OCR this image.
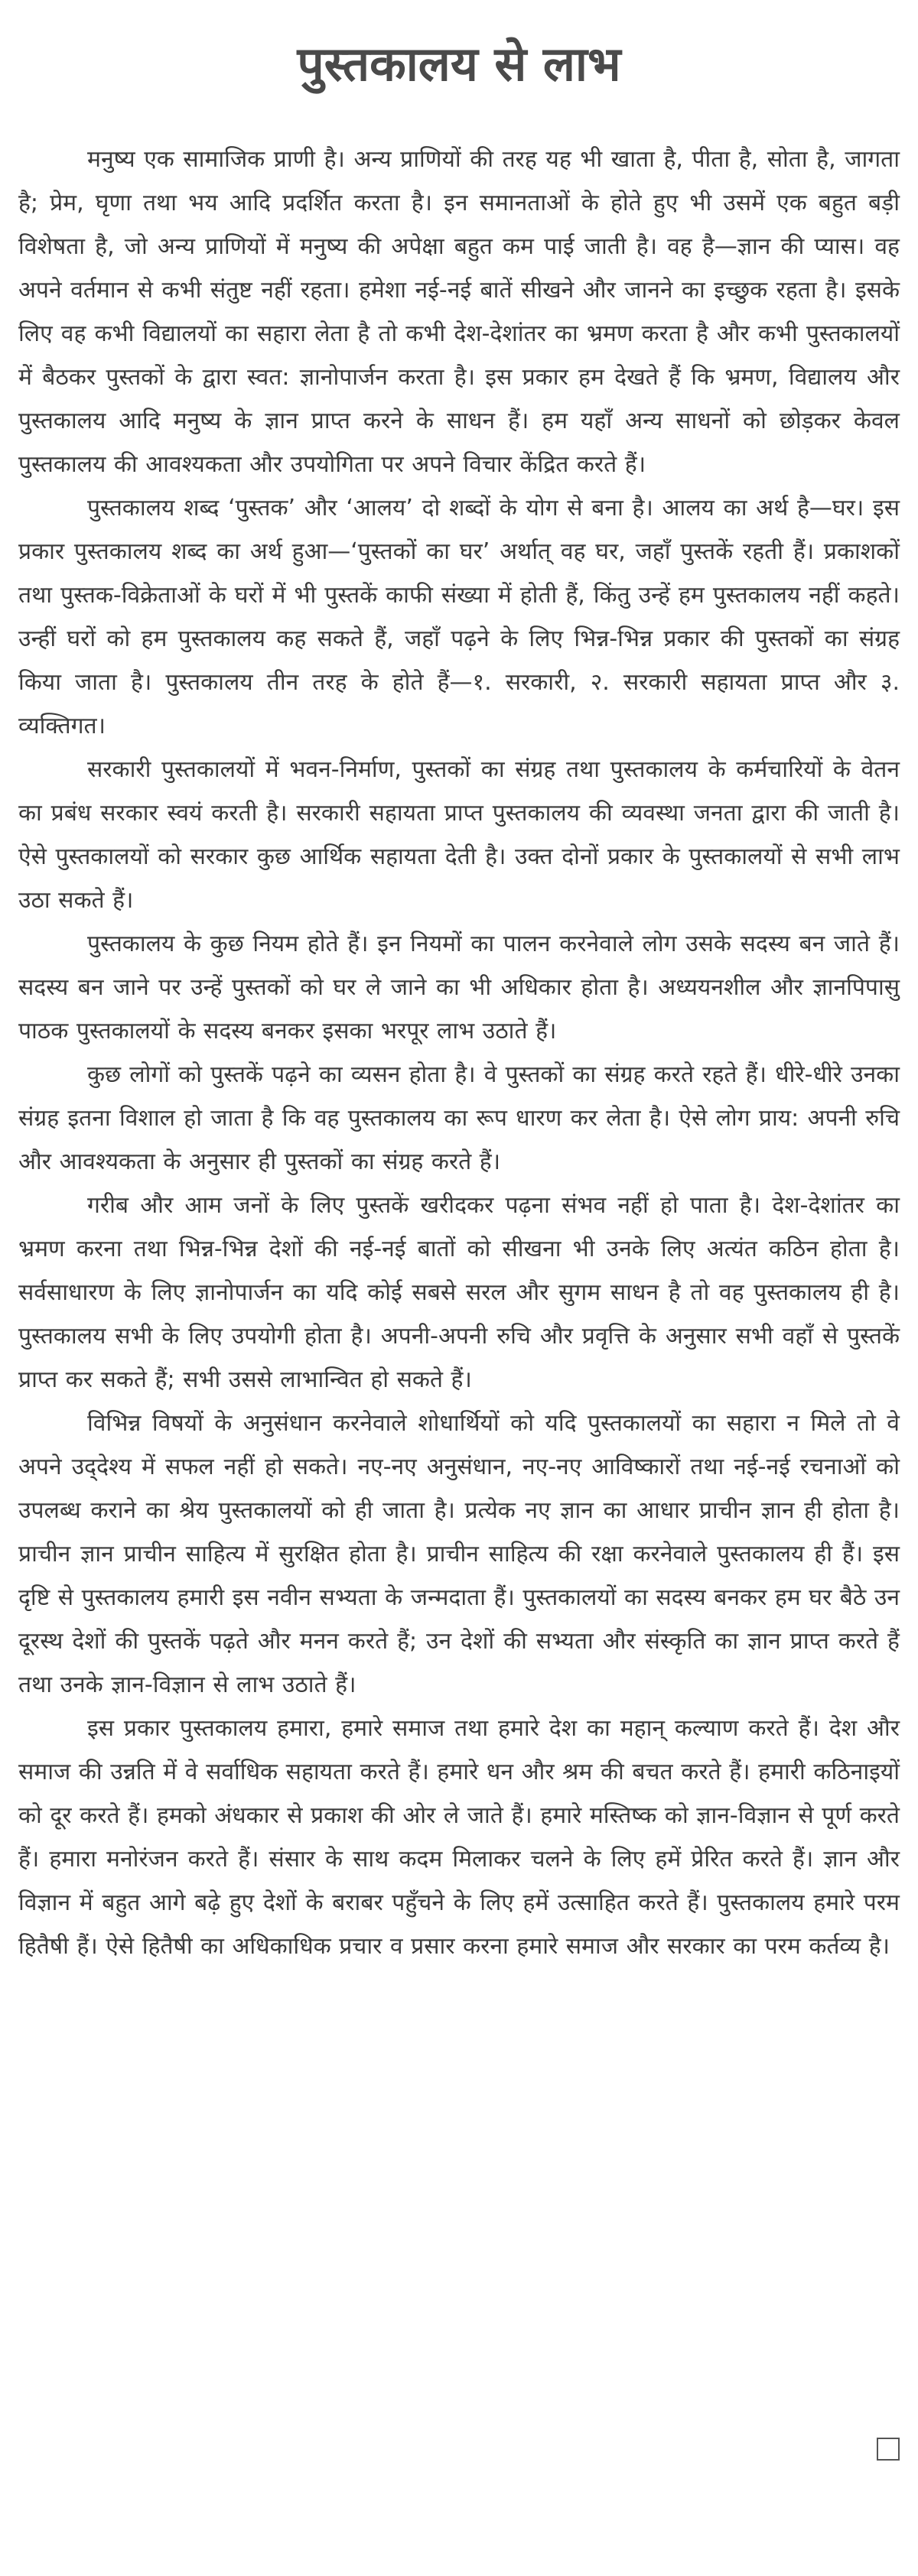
पुस्तकालय से लाभ

मनुष्य एक सामाजिक प्राणी है। अन्य प्राणियों की तरह यह भी खाता है, पीता है, सोता है, जागता है; प्रेम, घृणा तथा भय आदि प्रदर्शित करता है। इन समानताओं के होते हुए भी उसमें एक बहुत बड़ी विशेषता है, जो अन्य प्राणियों में मनुष्य की अपेक्षा बहुत कम पाई जाती है। वह है—ज्ञान की प्यास। वह अपने वर्तमान से कभी संतुष्ट नहीं रहता। हमेशा नई-नई बातें सीखने और जानने का इच्छुक रहता है। इसके लिए वह कभी विद्यालयों का सहारा लेता है तो कभी देश-देशांतर का भ्रमण करता है और कभी पुस्तकालयों में बैठकर पुस्तकों के द्वारा स्वत: ज्ञानोपार्जन करता है। इस प्रकार हम देखते हैं कि भ्रमण, विद्यालय और पुस्तकालय आदि मनुष्य के ज्ञान प्राप्त करने के साधन हैं। हम यहाँ अन्य साधनों को छोड़कर केवल पुस्तकालय की आवश्यकता और उपयोगिता पर अपने विचार केंद्रित करते हैं।

पुस्तकालय शब्द ‘पुस्तक’ और ‘आलय’ दो शब्दों के योग से बना है। आलय का अर्थ है—घर। इस प्रकार पुस्तकालय शब्द का अर्थ हुआ—‘पुस्तकों का घर’ अर्थात् वह घर, जहाँ पुस्तकें रहती हैं। प्रकाशकों तथा पुस्तक-विक्रेताओं के घरों में भी पुस्तकें काफी संख्या में होती हैं, किंतु उन्हें हम पुस्तकालय नहीं कहते। उन्हीं घरों को हम पुस्तकालय कह सकते हैं, जहाँ पढ़ने के लिए भिन्न-भिन्न प्रकार की पुस्तकों का संग्रह किया जाता है। पुस्तकालय तीन तरह के होते हैं—१. सरकारी, २. सरकारी सहायता प्राप्त और ३. व्यक्तिगत।

सरकारी पुस्तकालयों में भवन-निर्माण, पुस्तकों का संग्रह तथा पुस्तकालय के कर्मचारियों के वेतन का प्रबंध सरकार स्वयं करती है। सरकारी सहायता प्राप्त पुस्तकालय की व्यवस्था जनता द्वारा की जाती है। ऐसे पुस्तकालयों को सरकार कुछ आर्थिक सहायता देती है। उक्त दोनों प्रकार के पुस्तकालयों से सभी लाभ उठा सकते हैं।

पुस्तकालय के कुछ नियम होते हैं। इन नियमों का पालन करनेवाले लोग उसके सदस्य बन जाते हैं। सदस्य बन जाने पर उन्हें पुस्तकों को घर ले जाने का भी अधिकार होता है। अध्ययनशील और ज्ञानपिपासु पाठक पुस्तकालयों के सदस्य बनकर इसका भरपूर लाभ उठाते हैं।

कुछ लोगों को पुस्तकें पढ़ने का व्यसन होता है। वे पुस्तकों का संग्रह करते रहते हैं। धीरे-धीरे उनका संग्रह इतना विशाल हो जाता है कि वह पुस्तकालय का रूप धारण कर लेता है। ऐसे लोग प्राय: अपनी रुचि और आवश्यकता के अनुसार ही पुस्तकों का संग्रह करते हैं।

गरीब और आम जनों के लिए पुस्तकें खरीदकर पढ़ना संभव नहीं हो पाता है। देश-देशांतर का भ्रमण करना तथा भिन्न-भिन्न देशों की नई-नई बातों को सीखना भी उनके लिए अत्यंत कठिन होता है। सर्वसाधारण के लिए ज्ञानोपार्जन का यदि कोई सबसे सरल और सुगम साधन है तो वह पुस्तकालय ही है। पुस्तकालय सभी के लिए उपयोगी होता है। अपनी-अपनी रुचि और प्रवृत्ति के अनुसार सभी वहाँ से पुस्तकें प्राप्त कर सकते हैं; सभी उससे लाभान्वित हो सकते हैं।

विभिन्न विषयों के अनुसंधान करनेवाले शोधार्थियों को यदि पुस्तकालयों का सहारा न मिले तो वे अपने उद्‌देश्य में सफल नहीं हो सकते। नए-नए अनुसंधान, नए-नए आविष्कारों तथा नई-नई रचनाओं को उपलब्ध कराने का श्रेय पुस्तकालयों को ही जाता है। प्रत्येक नए ज्ञान का आधार प्राचीन ज्ञान ही होता है। प्राचीन ज्ञान प्राचीन साहित्य में सुरक्षित होता है। प्राचीन साहित्य की रक्षा करनेवाले पुस्तकालय ही हैं। इस दृष्टि से पुस्तकालय हमारी इस नवीन सभ्यता के जन्मदाता हैं। पुस्तकालयों का सदस्य बनकर हम घर बैठे उन दूरस्थ देशों की पुस्तकें पढ़ते और मनन करते हैं; उन देशों की सभ्यता और संस्कृति का ज्ञान प्राप्त करते हैं तथा उनके ज्ञान-विज्ञान से लाभ उठाते हैं।

इस प्रकार पुस्तकालय हमारा, हमारे समाज तथा हमारे देश का महान् कल्याण करते हैं। देश और समाज की उन्नति में वे सर्वाधिक सहायता करते हैं। हमारे धन और श्रम की बचत करते हैं। हमारी कठिनाइयों को दूर करते हैं। हमको अंधकार से प्रकाश की ओर ले जाते हैं। हमारे मस्तिष्क को ज्ञान-विज्ञान से पूर्ण करते हैं। हमारा मनोरंजन करते हैं। संसार के साथ कदम मिलाकर चलने के लिए हमें प्रेरित करते हैं। ज्ञान और विज्ञान में बहुत आगे बढ़े हुए देशों के बराबर पहुँचने के लिए हमें उत्साहित करते हैं। पुस्तकालय हमारे परम हितैषी हैं। ऐसे हितैषी का अधिकाधिक प्रचार व प्रसार करना हमारे समाज और सरकार का परम कर्तव्य है।
